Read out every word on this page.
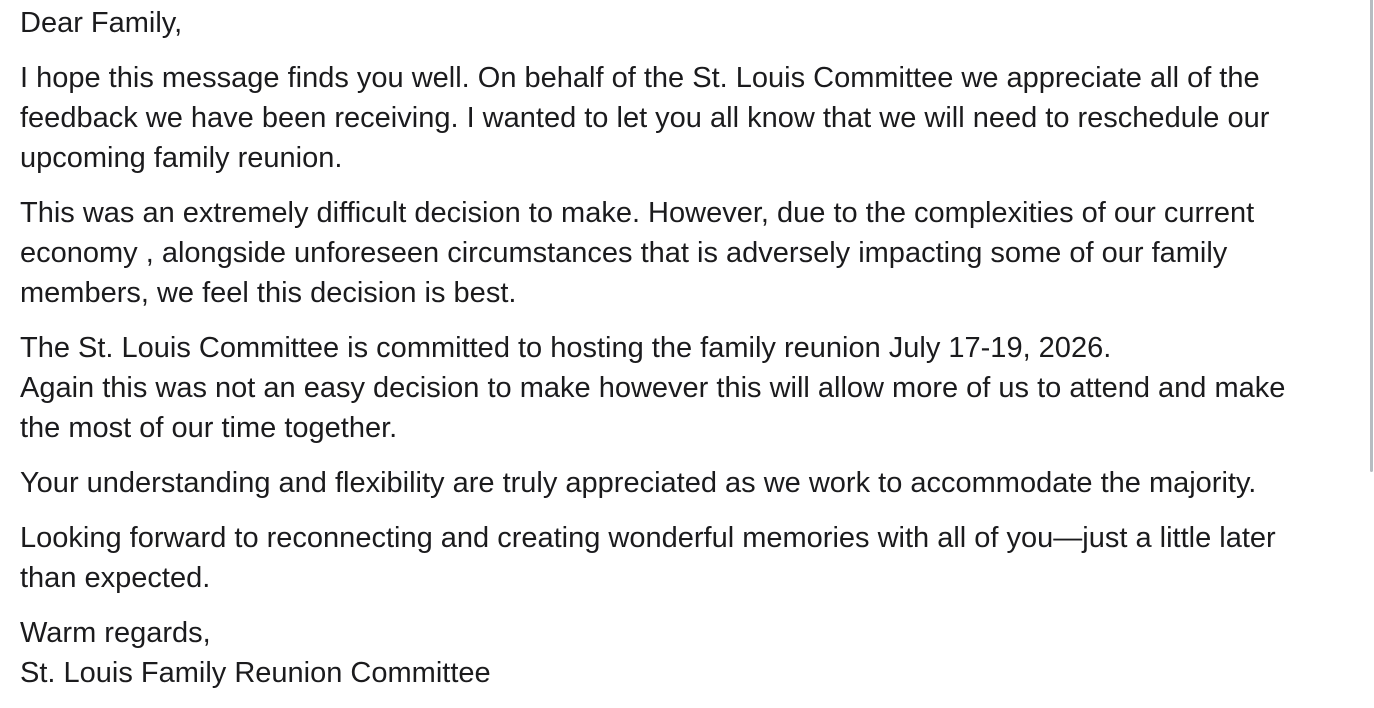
Dear Family,
I hope this message finds you well. On behalf of the St. Louis Committee we appreciate all of the
feedback we have been receiving. I wanted to let you all know that we will need to reschedule our
upcoming family reunion.
This was an extremely difficult decision to make. However, due to the complexities of our current
economy , alongside unforeseen circumstances that is adversely impacting some of our family
members, we feel this decision is best.
The St. Louis Committee is committed to hosting the family reunion July 17-19, 2026.
Again this was not an easy decision to make however this will allow more of us to attend and make
the most of our time together.
Your understanding and flexibility are truly appreciated as we work to accommodate the majority.
Looking forward to reconnecting and creating wonderful memories with all of you—just a little later
than expected.
Warm regards,
St. Louis Family Reunion Committee
